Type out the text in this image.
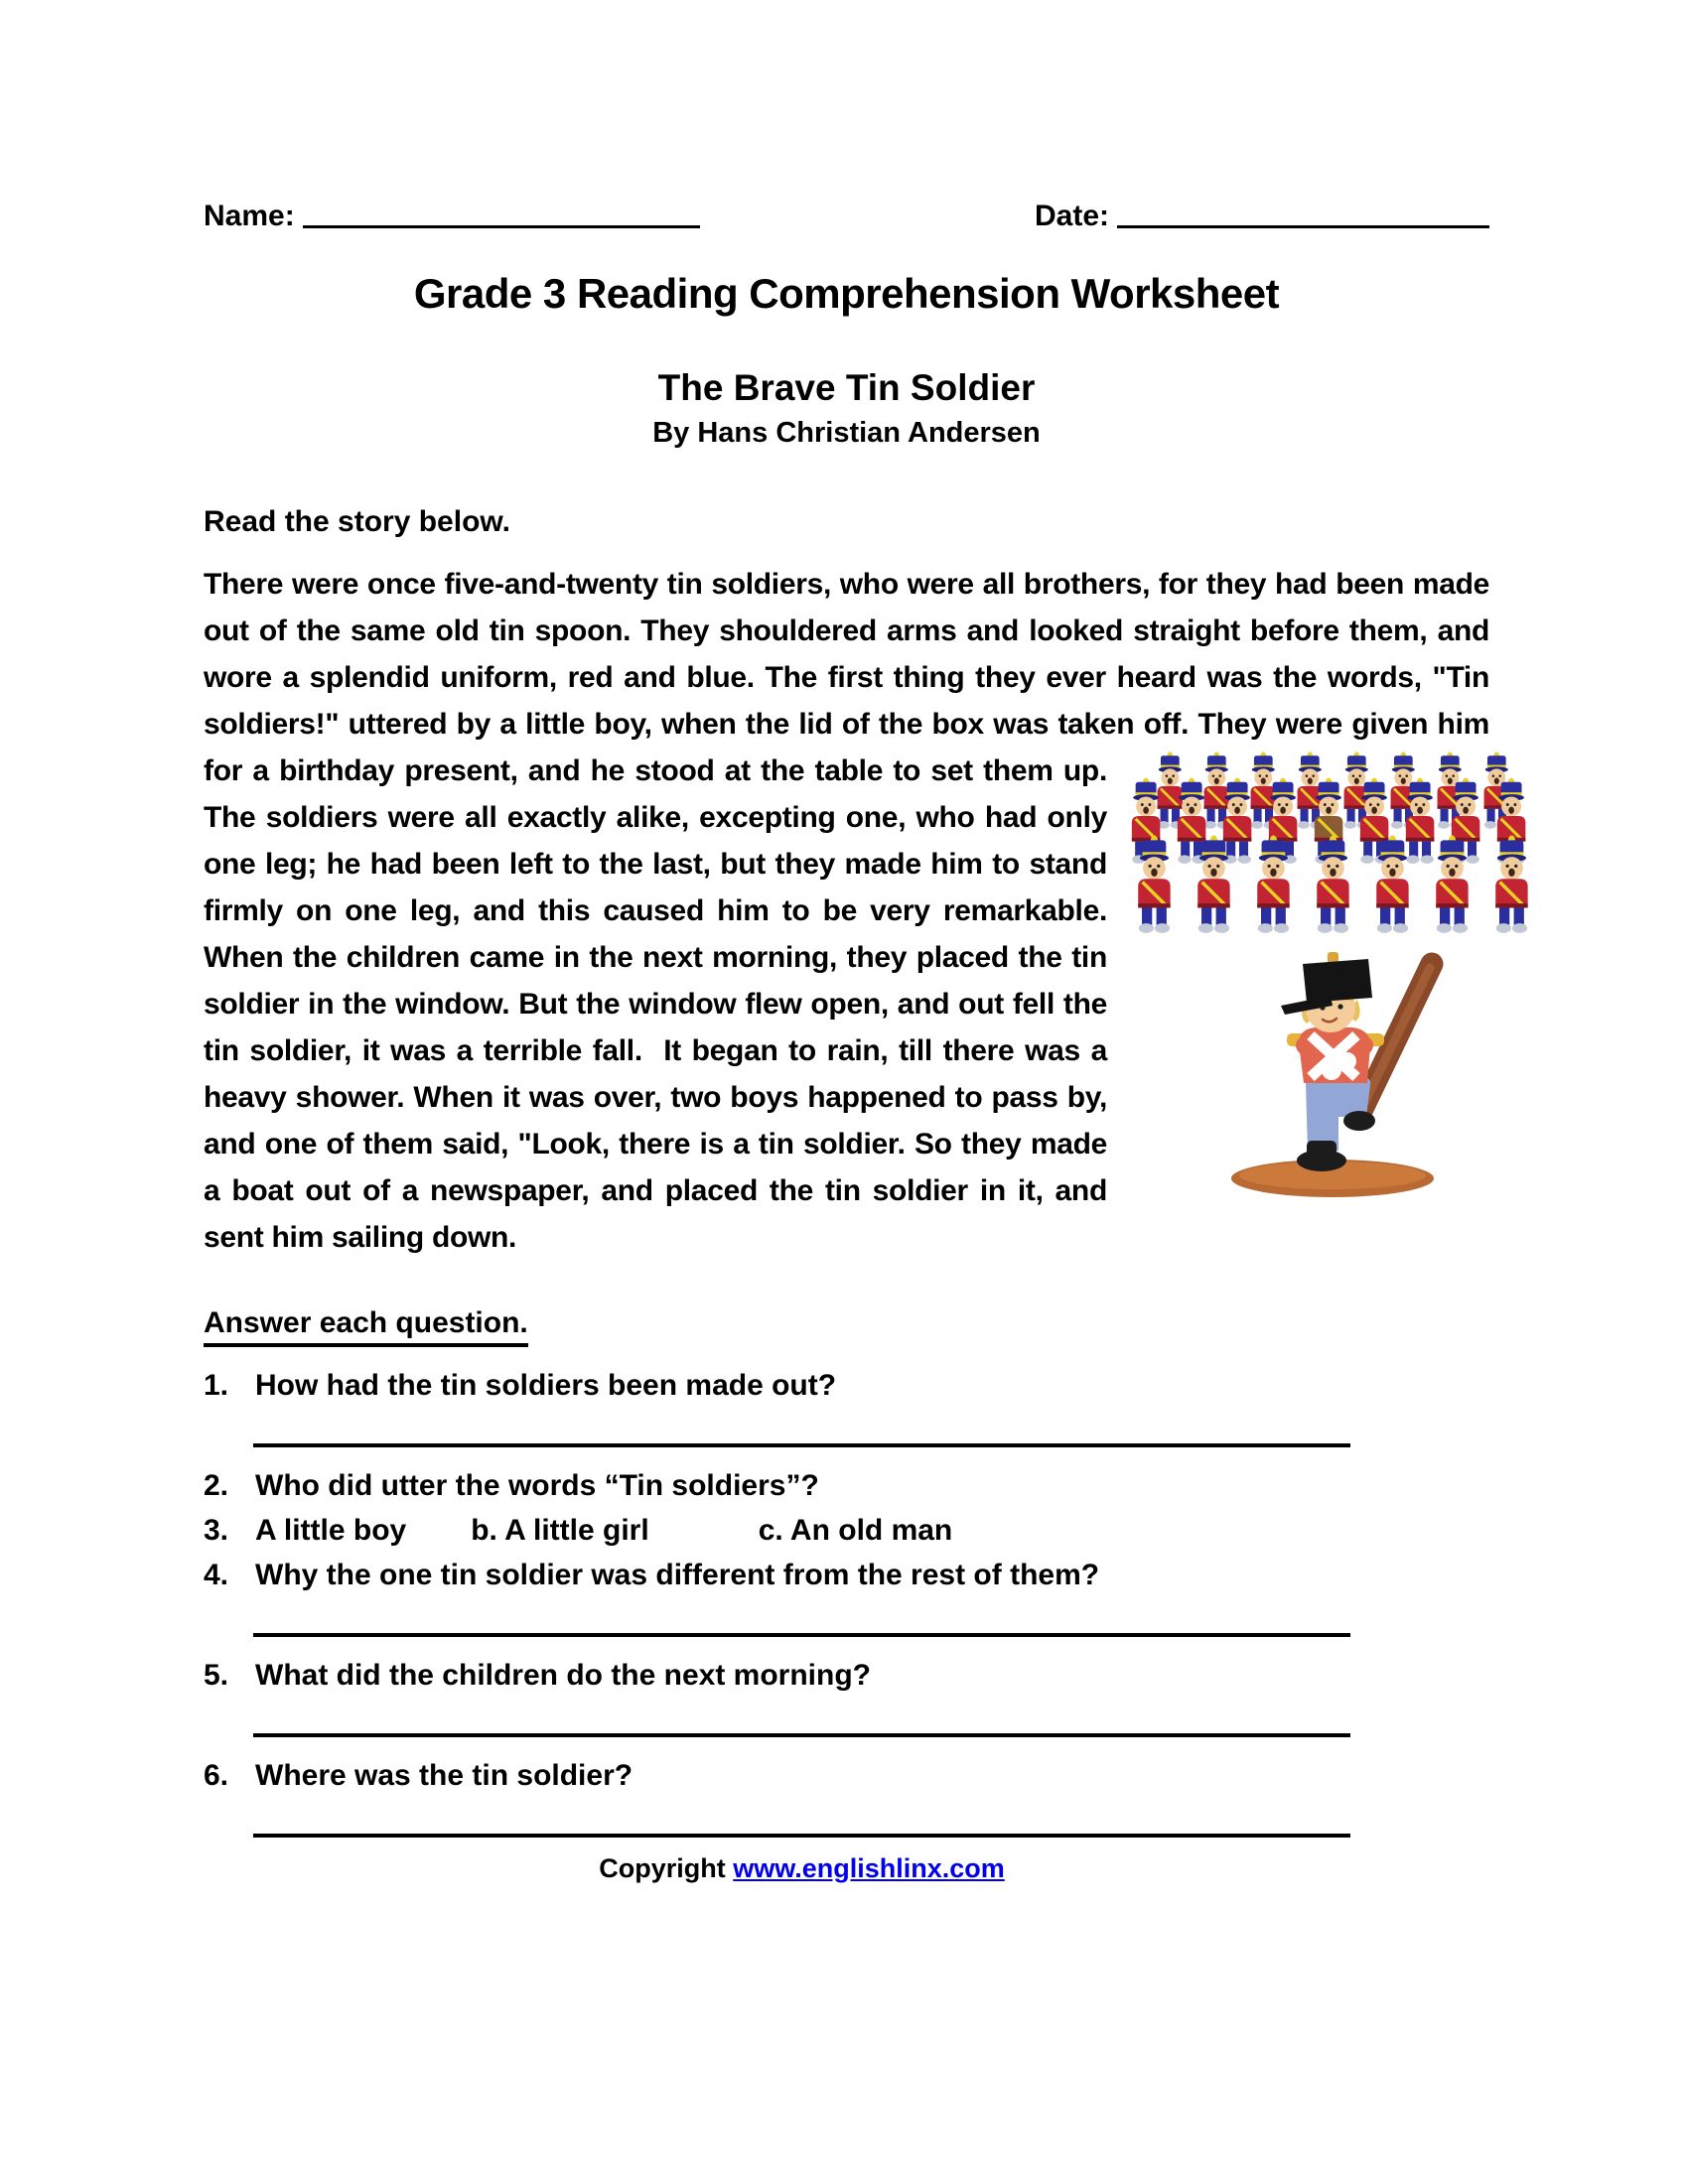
Name:	Date:
Grade 3 Reading Comprehension Worksheet
The Brave Tin Soldier
By Hans Christian Andersen
Read the story below.

There were once five-and-twenty tin soldiers, who were all brothers, for they had been made out of the same old tin spoon. They shouldered arms and looked straight before them, and wore a splendid uniform, red and blue. The first thing they ever heard was the words, "Tin soldiers!" uttered by a little boy, when the lid of the box was taken off. They were given him for a birthday
present, and he stood at the table to set them up. The soldiers were all exactly alike, excepting one, who had only one leg; he had been left to the last, but they made him to stand firmly on one leg, and this caused him to be very remarkable. When the children came in the next morning, they placed the tin soldier in the window. But the window flew open, and out fell the tin soldier, it was a terrible fall.  It began to rain, till there was a heavy shower. When it was over, two boys happened to pass by, and one of them said, "Look, there is a tin soldier. So they made a boat out of a newspaper, and placed the tin soldier in it, and sent him sailing down.

Answer each question.
1. How had the tin soldiers been made out?
2. Who did utter the words “Tin soldiers”?
3. A little boy b. A little girl	c. An old man
4. Why the one tin soldier was different from the rest of them?
5. What did the children do the next morning?
6. Where was the tin soldier?
Copyright www.englishlinx.com
